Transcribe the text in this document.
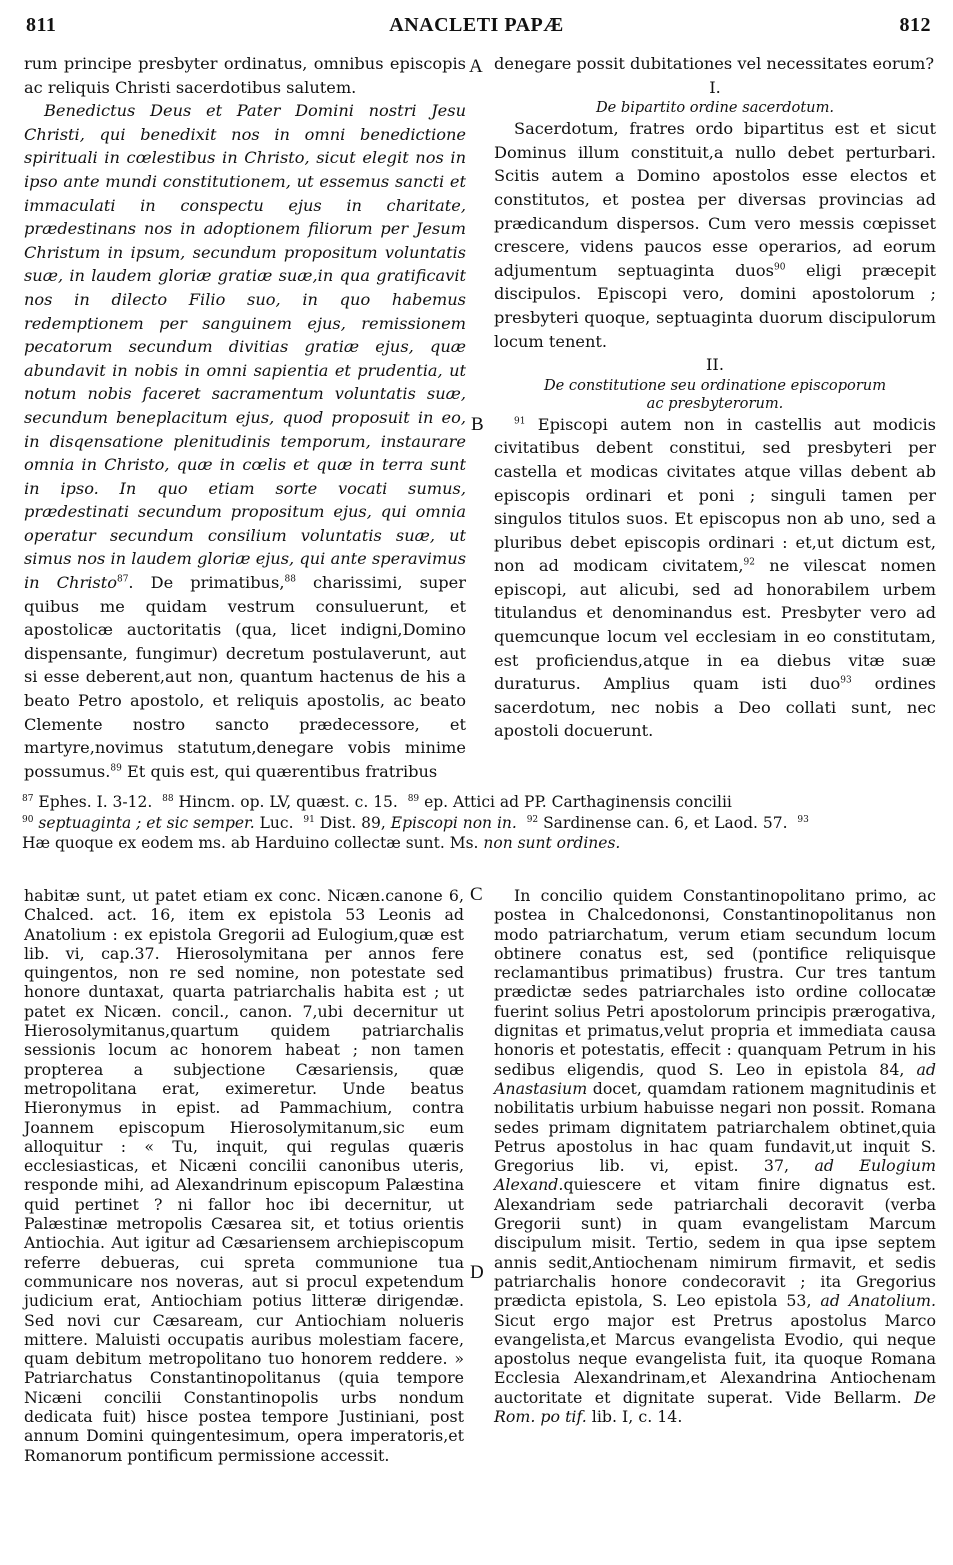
811	ANACLETI PAPÆ	812
A
B
C
D

rum principe presbyter ordinatus, omnibus episcopis ac reliquis Christi sacerdotibus salutem.

Benedictus Deus et Pater Domini nostri Jesu Christi, qui benedixit nos in omni benedictione spirituali in cœlestibus in Christo, sicut elegit nos in ipso ante mundi constitutionem, ut essemus sancti et immaculati in conspectu ejus in charitate, prædestinans nos in adoptionem filiorum per Jesum Christum in ipsum, secundum propositum voluntatis suæ, in laudem gloriæ gratiæ suæ,in qua gratificavit nos in dilecto Filio suo, in quo habemus redemptionem per sanguinem ejus, remissionem pecatorum secundum divitias gratiæ ejus, quæ abundavit in nobis in omni sapientia et prudentia, ut notum nobis faceret sacramentum voluntatis suæ, secundum beneplacitum ejus, quod proposuit in eo, in disqensatione plenitudinis temporum, instaurare omnia in Christo, quæ in cœlis et quæ in terra sunt in ipso. In quo etiam sorte vocati sumus, prædestinati secundum propositum ejus, qui omnia operatur secundum consilium voluntatis suæ, ut simus nos in laudem gloriæ ejus, qui ante speravimus in Christo$^{87}$. De primatibus,$^{88}$ charissimi, super quibus me quidam vestrum consuluerunt, et apostolicæ auctoritatis (qua, licet indigni,Domino dispensante, fungimur) decretum postulaverunt, aut si esse deberent,aut non, quantum hactenus de his a beato Petro apostolo, et reliquis apostolis, ac beato Clemente nostro sancto prædecessore, et martyre,novimus statutum,denegare vobis minime possumus.$^{89}$ Et quis est, qui quærentibus fratribus

denegare possit dubitationes vel necessitates eorum?

I.

De bipartito ordine sacerdotum.

Sacerdotum, fratres ordo bipartitus est et sicut Dominus illum constituit,a nullo debet perturbari. Scitis autem a Domino apostolos esse electos et constitutos, et postea per diversas provincias ad prædicandum dispersos. Cum vero messis cœpisset crescere, videns paucos esse operarios, ad eorum adjumentum septuaginta duos$^{90}$ eligi præcepit discipulos. Episcopi vero, domini apostolorum ; presbyteri quoque, septuaginta duorum discipulorum locum tenent.

II.

De constitutione seu ordinatione episcoporum
ac presbyterorum.

$^{91}$ Episcopi autem non in castellis aut modicis civitatibus debent constitui, sed presbyteri per castella et modicas civitates atque villas debent ab episcopis ordinari et poni ; singuli tamen per singulos titulos suos. Et episcopus non ab uno, sed a pluribus debet episcopis ordinari : et,ut dictum est, non ad modicam civitatem,$^{92}$ ne vilescat nomen episcopi, aut alicubi, sed ad honorabilem urbem titulandus et denominandus est. Presbyter vero ad quemcunque locum vel ecclesiam in eo constitutam, est proficiendus,atque in ea diebus vitæ suæ duraturus. Amplius quam isti duo$^{93}$ ordines sacerdotum, nec nobis a Deo collati sunt, nec apostoli docuerunt.

$^{87}$ Ephes. I. 3-12. $^{88}$ Hincm. op. LV, quæst. c. 15. $^{89}$ ep. Attici ad PP. Carthaginensis concilii
$^{90}$ septuaginta ; et sic semper. Luc. $^{91}$ Dist. 89, Episcopi non in. $^{92}$ Sardinense can. 6, et Laod. 57. $^{93}$
Hæ quoque ex eodem ms. ab Harduino collectæ sunt. Ms. non sunt ordines.

habitæ sunt, ut patet etiam ex conc. Nicæn.canone 6, Chalced. act. 16, item ex epistola 53 Leonis ad Anatolium : ex epistola Gregorii ad Eulogium,quæ est lib. vi, cap.37. Hierosolymitana per annos fere quingentos, non re sed nomine, non potestate sed honore duntaxat, quarta patriarchalis habita est ; ut patet ex Nicæn. concil., canon. 7,ubi decernitur ut Hierosolymitanus,quartum quidem patriarchalis sessionis locum ac honorem habeat ; non tamen propterea a subjectione Cæsariensis, quæ metropolitana erat, eximeretur. Unde beatus Hieronymus in epist. ad Pammachium, contra Joannem episcopum Hierosolymitanum,sic eum alloquitur : « Tu, inquit, qui regulas quæris ecclesiasticas, et Nicæni concilii canonibus uteris, responde mihi, ad Alexandrinum episcopum Palæstina quid pertinet ? ni fallor hoc ibi decernitur, ut Palæstinæ metropolis Cæsarea sit, et totius orientis Antiochia. Aut igitur ad Cæsariensem archiepiscopum referre debueras, cui spreta communione tua communicare nos noveras, aut si procul expetendum judicium erat, Antiochiam potius litteræ dirigendæ. Sed novi cur Cæsaream, cur Antiochiam nolueris mittere. Maluisti occupatis auribus molestiam facere, quam debitum metropolitano tuo honorem reddere. » Patriarchatus Constantinopolitanus (quia tempore Nicæni concilii Constantinopolis urbs nondum dedicata fuit) hisce postea tempore Justiniani, post annum Domini quingentesimum, opera imperatoris,et Romanorum pontificum permissione accessit.

In concilio quidem Constantinopolitano primo, ac postea in Chalcedononsi, Constantinopolitanus non modo patriarchatum, verum etiam secundum locum obtinere conatus est, sed (pontifice reliquisque reclamantibus primatibus) frustra. Cur tres tantum prædictæ sedes patriarchales isto ordine collocatæ fuerint solius Petri apostolorum principis prærogativa, dignitas et primatus,velut propria et immediata causa honoris et potestatis, effecit : quanquam Petrum in his sedibus eligendis, quod S. Leo in epistola 84, ad Anastasium docet, quamdam rationem magnitudinis et nobilitatis urbium habuisse negari non possit. Romana sedes primam dignitatem patriarchalem obtinet,quia Petrus apostolus in hac quam fundavit,ut inquit S. Gregorius lib. vi, epist. 37, ad Eulogium Alexand.quiescere et vitam finire dignatus est. Alexandriam sede patriarchali decoravit (verba Gregorii sunt) in quam evangelistam Marcum discipulum misit. Tertio, sedem in qua ipse septem annis sedit,Antiochenam nimirum firmavit, et sedis patriarchalis honore condecoravit ; ita Gregorius prædicta epistola, S. Leo epistola 53, ad Anatolium. Sicut ergo major est Pretrus apostolus Marco evangelista,et Marcus evangelista Evodio, qui neque apostolus neque evangelista fuit, ita quoque Romana Ecclesia Alexandrinam,et Alexandrina Antiochenam auctoritate et dignitate superat. Vide Bellarm. De Rom. po tif. lib. I, c. 14.
